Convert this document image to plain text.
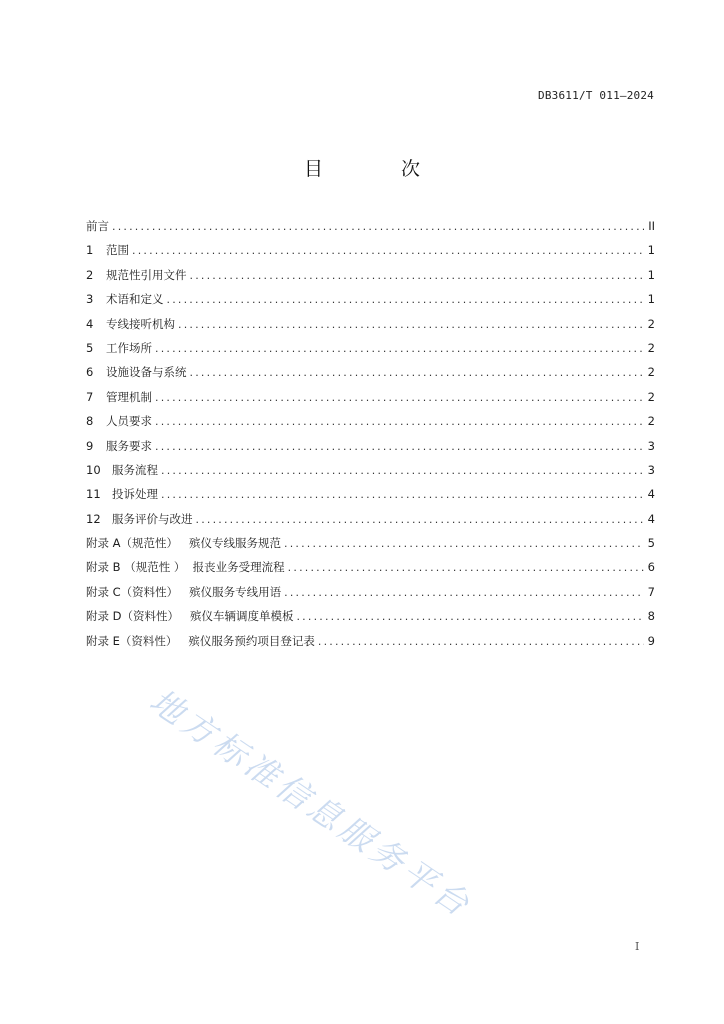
DB3611/T 011—2024
目 次
前言 .....	II
1	范围 .....	1
2	规范性引用文件 .....	1
3	术语和定义 .....	1
4	专线接听机构 .....	2
5	工作场所 .....	2
6	设施设备与系统 .....	2
7	管理机制 .....	2
8	人员要求 .....	2
9	服务要求 .....	3
10 服务流程 .....	3
11 投诉处理 .....	4
12 服务评价与改进 .....	4
附录 A（规范性）   殡仪专线服务规范 .....	5
附录 B （规范性 ）  报丧业务受理流程 .....	6
附录 C（资料性）   殡仪服务专线用语 .....	7
附录 D（资料性）   殡仪车辆调度单模板 .....	8
附录 E（资料性）   殡仪服务预约项目登记表 .....	9
地方标准信息服务平台
I
